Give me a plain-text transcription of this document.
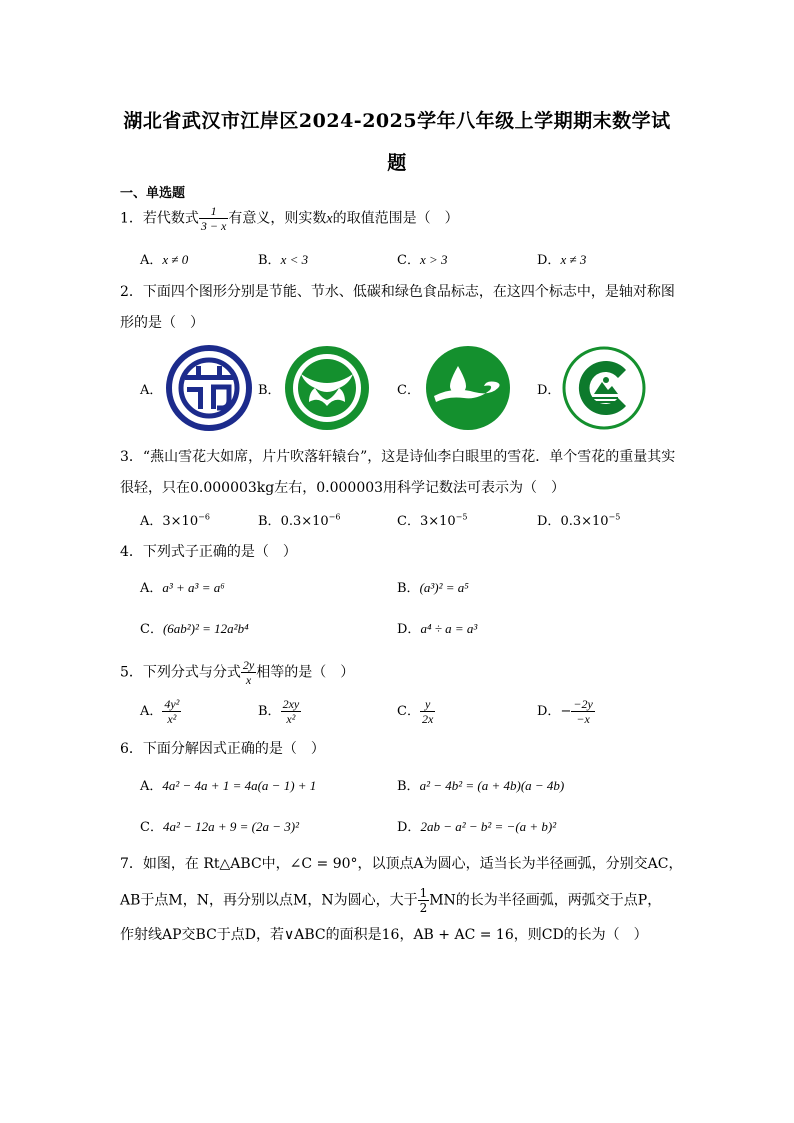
湖北省武汉市江岸区2024-2025学年八年级上学期期末数学试
题
一、单选题
1．若代数式 $\frac{1}{3 - x}$ 有意义，则实数x的取值范围是（　）
A．x ≠ 0	B．x < 3	C．x > 3	D．x ≠ 3
2．下面四个图形分别是节能、节水、低碳和绿色食品标志，在这四个标志中，是轴对称图
形的是（　）
A．	B．	C．	D．
3．“燕山雪花大如席，片片吹落轩辕台”，这是诗仙李白眼里的雪花．单个雪花的重量其实
很轻，只在0.000003kg左右，0.000003用科学记数法可表示为（　）
A．$3\times 10^{-6}$	B．$0.3\times 10^{-6}$	C．$3\times 10^{-5}$	D．$0.3\times 10^{-5}$
4．下列式子正确的是（　）
A．a³ + a³ = a⁶	B．(a³)² = a⁵
C．(6ab²)² = 12a²b⁴	D．a⁴ ÷ a = a³
5．下列分式与分式 $\frac{2y}{x}$ 相等的是（　）
A． $\frac{\text{4y²}}{\text{x²}}$	B． $\frac{2xy}{\text{x²}}$	C． $\frac{y}{2x}$	D．− $\frac{-2y}{-x}$
6．下面分解因式正确的是（　）
A．4a² − 4a + 1 = 4a(a − 1) + 1	B．a² − 4b² = (a + 4b)(a − 4b)
C．4a² − 12a + 9 = (2a − 3)²	D．2ab − a² − b² = −(a + b)²
7．如图，在 Rt△ABC中，∠C = 90°，以顶点A为圆心，适当长为半径画弧，分别交AC，
AB于点M，N，再分别以点M，N为圆心，大于 $\frac{1}{2}$ MN的长为半径画弧，两弧交于点P，
作射线AP交BC于点D，若∨ABC的面积是16，AB + AC = 16，则CD的长为（　）
